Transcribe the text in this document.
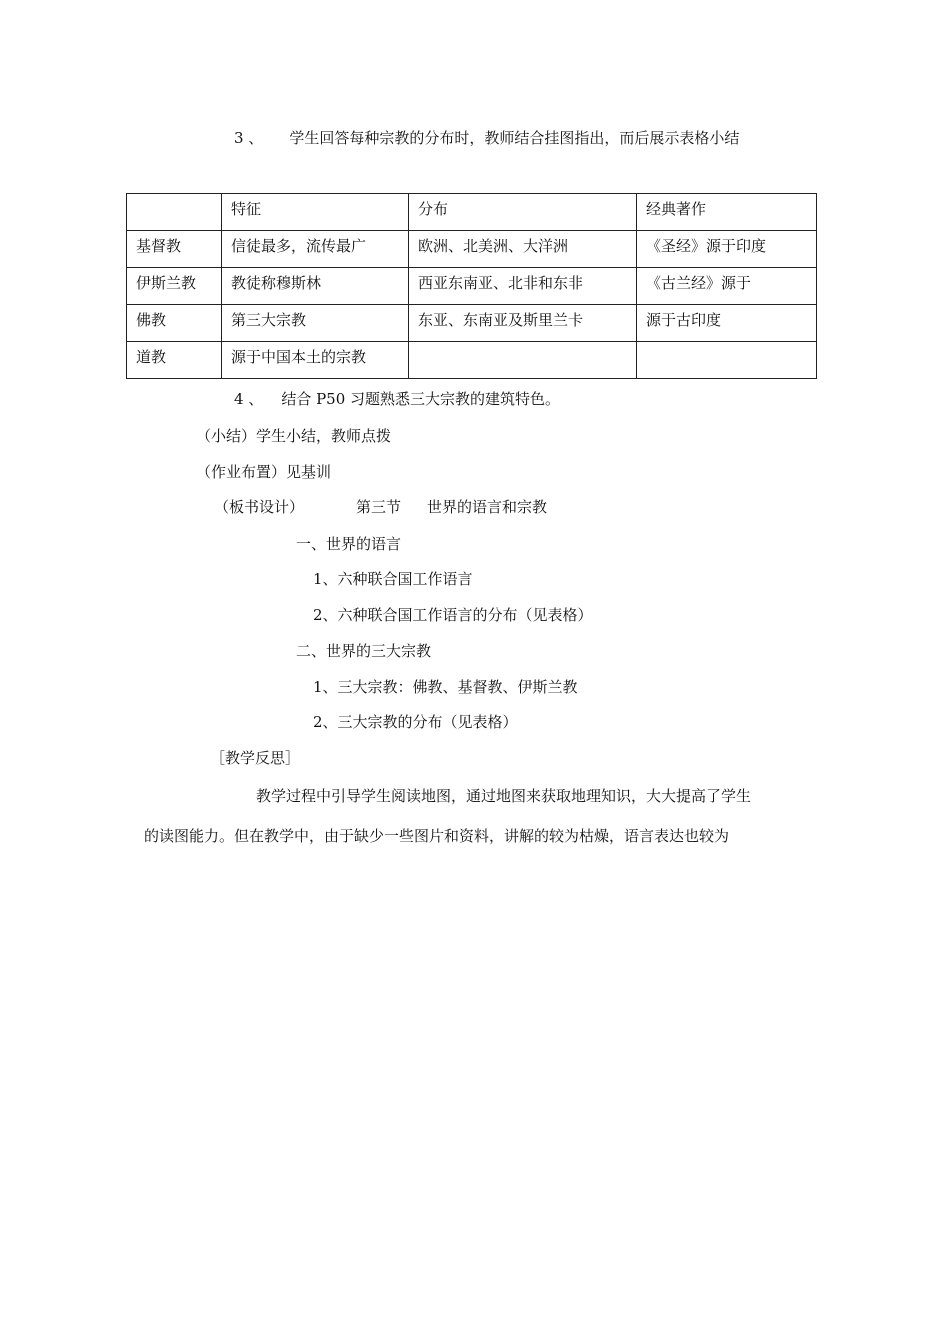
3 、 学生回答每种宗教的分布时，教师结合挂图指出，而后展示表格小结
	特征	分布	经典著作
基督教	信徒最多，流传最广	欧洲、北美洲、大洋洲	《圣经》源于印度
伊斯兰教	教徒称穆斯林	西亚东南亚、北非和东非	《古兰经》源于
佛教	第三大宗教	东亚、东南亚及斯里兰卡	源于古印度
道教	源于中国本土的宗教		
4 、 结合 P50 习题熟悉三大宗教的建筑特色。
（小结）学生小结，教师点拨
（作业布置）见基训
（板书设计）	第三节 世界的语言和宗教
一、世界的语言
1、六种联合国工作语言
2、六种联合国工作语言的分布（见表格）
二、世界的三大宗教
1、三大宗教：佛教、基督教、伊斯兰教
2、三大宗教的分布（见表格）
［教学反思］
教学过程中引导学生阅读地图，通过地图来获取地理知识，大大提高了学生
的读图能力。但在教学中，由于缺少一些图片和资料，讲解的较为枯燥，语言表达也较为
